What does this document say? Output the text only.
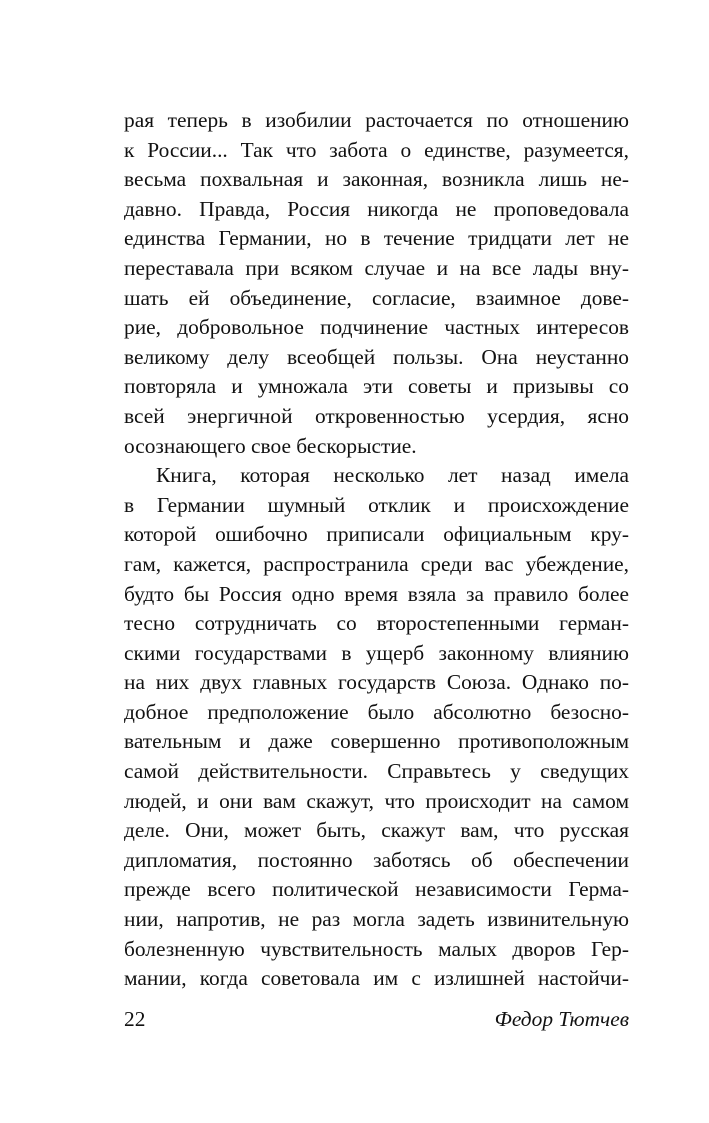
рая теперь в изобилии расточается по отношению
к России... Так что забота о единстве, разумеется,
весьма похвальная и законная, возникла лишь не-
давно. Правда, Россия никогда не проповедовала
единства Германии, но в течение тридцати лет не
переставала при всяком случае и на все лады вну-
шать ей объединение, согласие, взаимное дове-
рие, добровольное подчинение частных интересов
великому делу всеобщей пользы. Она неустанно
повторяла и умножала эти советы и призывы со
всей энергичной откровенностью усердия, ясно
осознающего свое бескорыстие.
Книга, которая несколько лет назад имела
в Германии шумный отклик и происхождение
которой ошибочно приписали официальным кру-
гам, кажется, распространила среди вас убеждение,
будто бы Россия одно время взяла за правило более
тесно сотрудничать со второстепенными герман-
скими государствами в ущерб законному влиянию
на них двух главных государств Союза. Однако по-
добное предположение было абсолютно безосно-
вательным и даже совершенно противоположным
самой действительности. Справьтесь у сведущих
людей, и они вам скажут, что происходит на самом
деле. Они, может быть, скажут вам, что русская
дипломатия, постоянно заботясь об обеспечении
прежде всего политической независимости Герма-
нии, напротив, не раз могла задеть извинительную
болезненную чувствительность малых дворов Гер-
мании, когда советовала им с излишней настойчи-
22	Федор Тютчев
